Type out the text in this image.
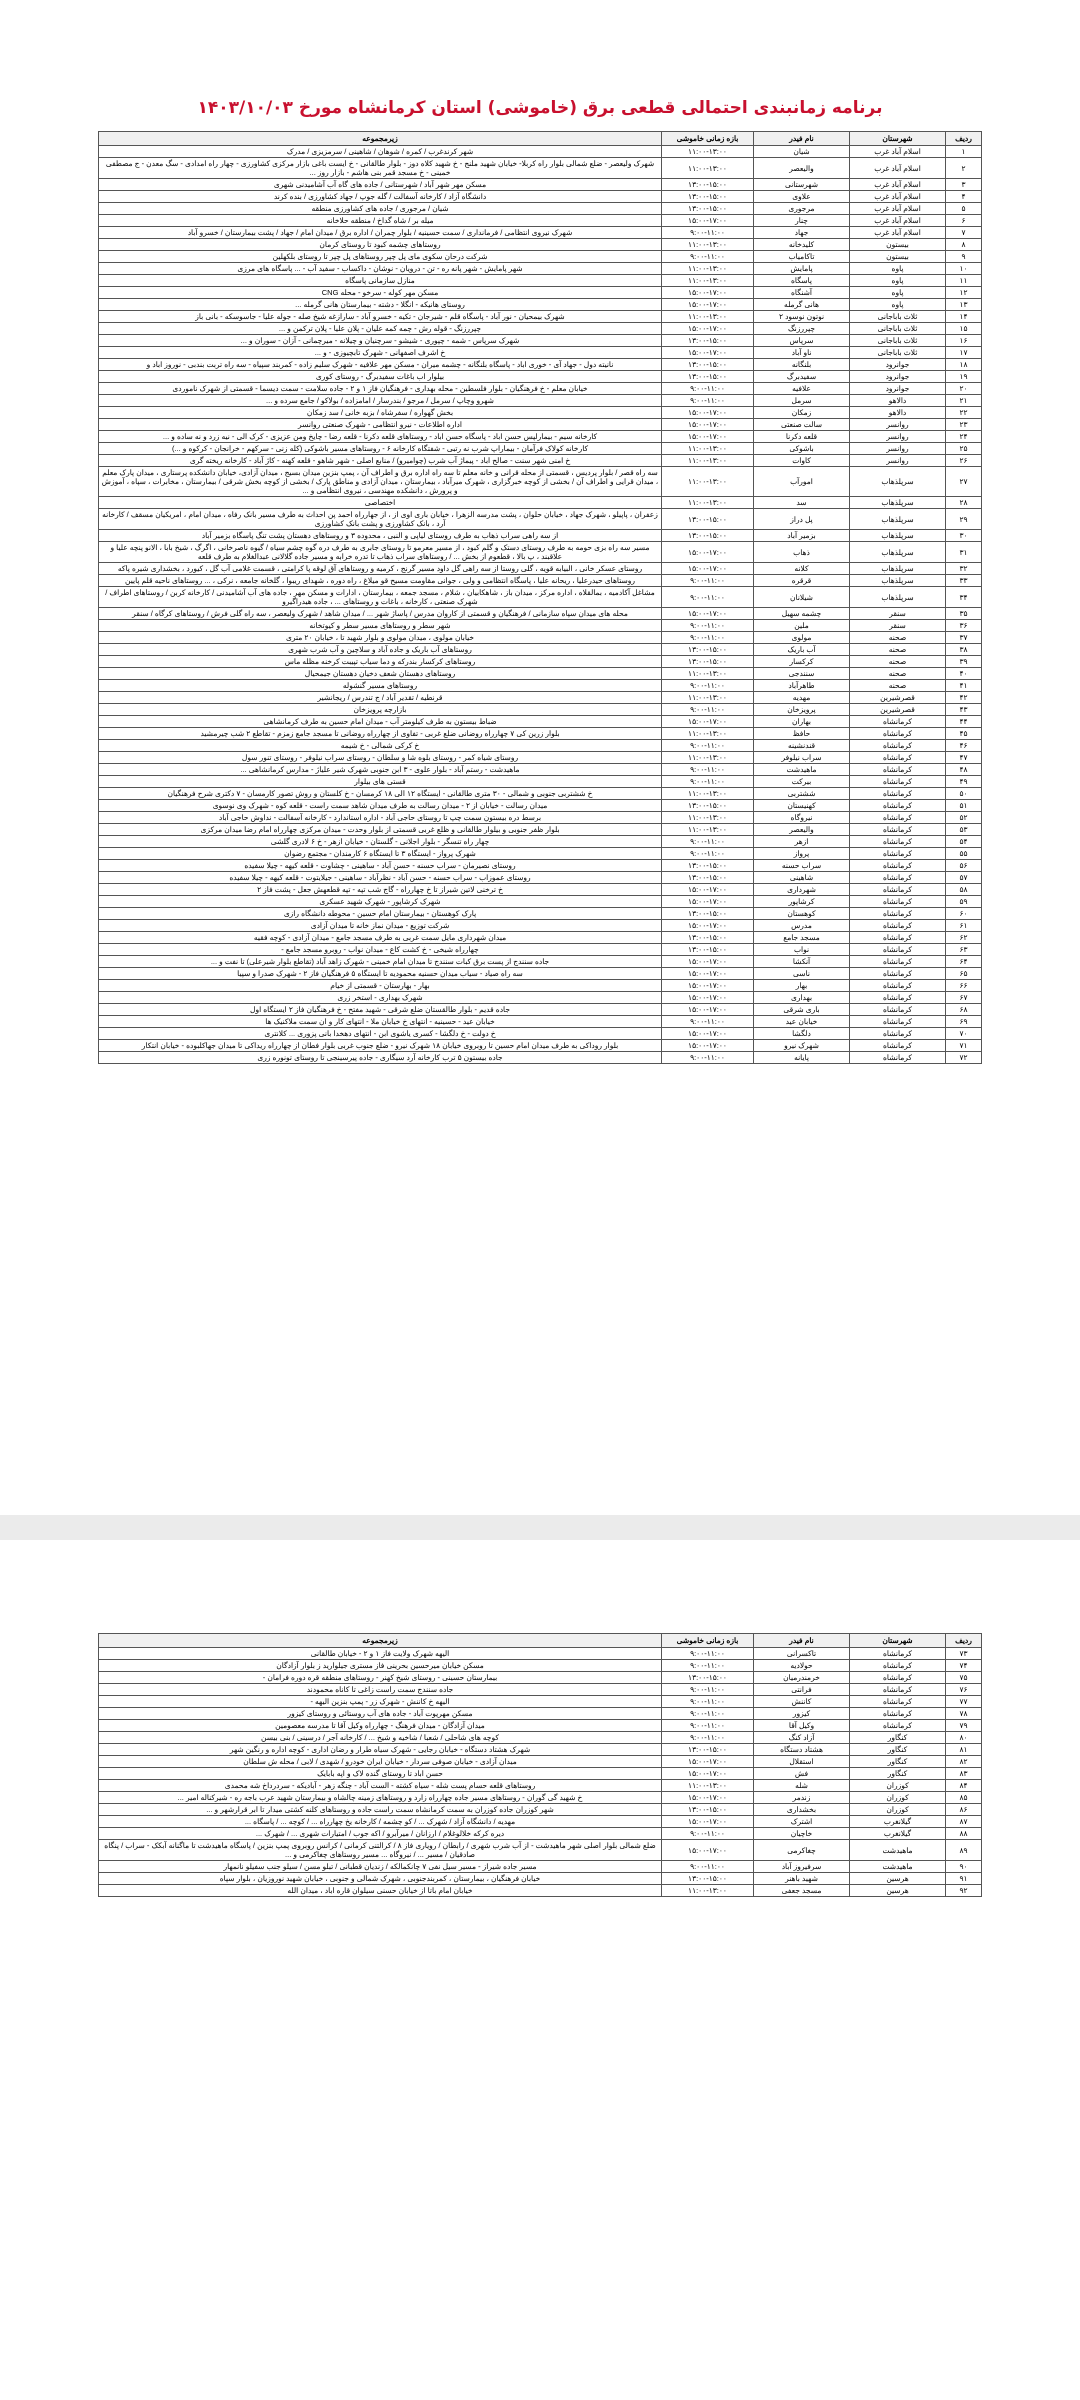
برنامه زمانبندی احتمالی قطعی برق (خاموشی) استان کرمانشاه مورخ ۱۴۰۳/۱۰/۰۳
ردیف	شهرستان	نام فیدر	بازه زمانی خاموشی	زیرمجموعه
۱	اسلام آباد غرب	شیان	۱۱:۰۰-۱۳:۰۰	شهر کرندغرب / کمره / شوهان / شاهینی / سرمزیزی / مدرک
۲	اسلام آباد غرب	والیعصر	۱۱:۰۰-۱۳:۰۰	شهرک ولیعصر - ضلع شمالی بلوار راه کربلا- خیابان شهید ملنج - خ شهید کلاه دوز - بلوار طالقانی - خ ایست باغی بازار مرکزی کشاورزی - چهار راه امدادی - سگ معدن - ج مصطفی خمینی - خ مسجد قمر بنی هاشم - بازار روز ...
۳	اسلام آباد غرب	شهرستانی	۱۳:۰۰-۱۵:۰۰	مسکن مهر شهر آباد / شهرستانی / جاده های گاه آب آشامیدنی شهری
۴	اسلام آباد غرب	علاوی	۱۳:۰۰-۱۵:۰۰	دانشگاه آزاد / کارخانه آسفالت / گله جوپ / جهاد کشاورزی / بنده کرند
۵	اسلام آباد غرب	مرجوری	۱۳:۰۰-۱۵:۰۰	شیان / مرجوری / جاده های کشاورزی منطقه
۶	اسلام آباد غرب	چنار	۱۵:۰۰-۱۷:۰۰	میله بر / شاه گداخ / منطقه حلاخانه
۷	اسلام آباد غرب	جهاد	۹:۰۰-۱۱:۰۰	شهرک نیروی انتظامی / فرمانداری / سمت حسینیه / بلوار چمران / اداره برق / میدان امام / جهاد / پشت بیمارستان / خسرو آباد
۸	بیستون	کلیدخانه	۱۱:۰۰-۱۳:۰۰	روستاهای چشمه کبود تا روستای کرمان
۹	بیستون	تاکامیاب	۹:۰۰-۱۱:۰۰	شرکت درحان سکوی مای پل چپر روستاهای پل چپر تا روستای بلکهلین
۱۰	پاوه	پامایش	۱۱:۰۰-۱۳:۰۰	شهر پامایش - شهر پانه ره - تن - درویان - نوشان - داکساب - سفید آب - ... پاسگاه های مرزی
۱۱	پاوه	پاسگاه	۱۱:۰۰-۱۳:۰۰	منازل سازمانی پاسگاه
۱۲	پاوه	آشنگاه	۱۵:۰۰-۱۷:۰۰	مسکن مهر کوله - سرخو - محله CNG
۱۳	پاوه	هانی گرمله	۱۵:۰۰-۱۷:۰۰	روستای هانیکه - انگلا - دشته - بیمارستان هانی گرمله ...
۱۴	ثلاث باباجانی	نوتون نوسود ۲	۱۱:۰۰-۱۳:۰۰	شهرک بیمحیان - نور آباد - پاسگاه قلم - شیرجان - تکیه - خسرو آباد - سارازغه شیخ صله - جوله علیا - جاسوسکه - بانی باز
۱۵	ثلاث باباجانی	چپررزنگ	۱۵:۰۰-۱۷:۰۰	چپررزنگ - قوله رش - چمه کمه علیان - پلان علیا - پلان ترکمن و ...
۱۶	ثلاث باباجانی	سرپاس	۱۳:۰۰-۱۵:۰۰	شهرک سرپاس - شمه - چپوری - شیشو - سرچنیان و چیلانه - میرچمانی - آزان - سوران و ...
۱۷	ثلاث باباجانی	ناو آباد	۱۵:۰۰-۱۷:۰۰	خ اشرف اصفهانی - شهرک تابچیوزی - و ...
۱۸	جوانرود	بلنگانه	۱۳:۰۰-۱۵:۰۰	نانیته دول - جهاد آی - خوری اباد - پاسگاه بلنگانه - چشمه میران - مسکن مهر علافیه - شهرک سلیم زاده - کمربند سپیاه - سه راه تربت بندبی - نوروز اباد و
۱۹	جوانرود	سفیدبرگ	۱۳:۰۰-۱۵:۰۰	بیلوار اب باغات سفیدبرگ - روستای کوری
۲۰	جوانرود	علافیه	۹:۰۰-۱۱:۰۰	خیابان معلم - خ فرهنگیان - بلوار فلسطین - محله بهداری - فرهنگیان فاز ۱ و ۲ - جاده سلامت - سمت دیسما - قسمتی از شهرک ناموردی
۲۱	دالاهو	سرمل	۹:۰۰-۱۱:۰۰	شهرو وچاپ / سرمل / مرجو / بندرسار / امامزاده / بولاکو / جامع سرده و ...
۲۲	دالاهو	زمکان	۱۵:۰۰-۱۷:۰۰	بخش گهواره / سفرشاه / بزبه خانی / سد زمکان
۲۳	روانسر	سالت صنعتی	۱۵:۰۰-۱۷:۰۰	اداره اطلاعات - نیرو انتظامی - شهرک صنعتی روانسر
۲۴	روانسر	قلعه دکرنا	۱۵:۰۰-۱۷:۰۰	کارخانه سیم - بیمارلپس حسن اباد - پاسگاه حسن اباد - روستاهای قلعه دکرنا - قلعه رضا - چایخ ومن عزیزی - کرک الی - نیه زرد و نه ساده و ...
۲۵	روانسر	باشوکی	۱۱:۰۰-۱۳:۰۰	کارخانه کولاک فرآمان - بیماراپ شرب نه رتبی - شفتگاه کارخانه ۶ - روستاهای مسیر باشوکی (کله زنی - سرکهم - خرانجان - کرکوه و ...)
۲۶	روانسر	کاوات	۱۱:۰۰-۱۳:۰۰	خ امنی شهر سنت - صالح اباد - پیماژ آب شرب (چوامیرو) / منابع اصلی - شهر شاهو - قلعه کهنه - کاژ آباد - کارخانه ریخته گری
۲۷	سرپلذهاب	امورآب	۱۱:۰۰-۱۳:۰۰	سه راه قصر / بلوار پردیس ، قسمتی از محله قرانی و خانه معلم تا سه راه اداره برق و اطراف آن ، پمپ بنزین میدان بسیج ، میدان آزادی، خیابان دانشکده پرستاری ، میدان پارک معلم ، میدان قرایی و اطراف آن / بخشی از کوچه خبرگزاری ، شهرک میرآباد ، بیمارستان ، میدان آزادی و مناطق پارک / بخشی از کوچه بخش شرقی / بیمارستان ، مخابرات ، سپاه ، آموزش و پرورش ، دانشکده مهندسی ، نیروی انتظامی و ...
۲۸	سرپلذهاب	سد	۱۱:۰۰-۱۳:۰۰	اختصاصی
۲۹	سرپلذهاب	پل دراز	۱۳:۰۰-۱۵:۰۰	زعفران ، پاپیلو ، شهرک جهاد ، خیابان حلوان ، پشت مدرسه الزهرا ، خیابان باری اوی از ، از جهارراه احمد پن احداث به طرف مسیر بانک رفاه ، میدان امام ، امریکیان مسقف / کارخانه آرد ، بانک کشاورزی و پشت بانک کشاورزی
۳۰	سرپلذهاب	بزمیر آباد	۱۳:۰۰-۱۵:۰۰	از سه راهی سراب ذهاب به طرف روستای لیاپی و النبی ، محدوده ۳ و روستاهای دهستان پشت تنگ پاسگاه بزمیر آباد
۳۱	سرپلذهاب	ذهاب	۱۵:۰۰-۱۷:۰۰	مسیر سه راه بزی حومه به طرف روستای دستک و گلم کبود ، از مسیر معرمو تا روستای جابری به طرف دره گوه چشم سیاه / گیوه ناصرخانی ، اگرگ ، شیخ بابا ، الانو پنچه علیا و علاقبند ، پ بالا ، قطعوم از بخش ... / روستاهای سراب ذهاب تا تدره خرابه و مسیر جاده گلالانی عبدالغلام به طرف قلعه
۳۲	سرپلذهاب	کلانه	۱۵:۰۰-۱۷:۰۰	روستای عسکر خانی ، البیابه قویه ، گلی روستا از سه راهی گل داود مسیر گرنج ، کرمیه و روستاهای آق لوقه پا کرامتی ، قسمت غلامی آب گل ، کیورد ، بخشداری شیره پاکه
۳۳	سرپلذهاب	قرقره	۹:۰۰-۱۱:۰۰	روستاهای حیدرعلیا ، ریحانه علیا ، پاسگاه انتظامی و ولی ، جوانی مقاومت مسیح قو میلاغ ، راه دوره ، شهدای ریبوا ، گلخانه جامعه ، نرکی ، ... روستاهای ناحیه قلم پایین
۳۴	سرپلذهاب	شیلانان	۹:۰۰-۱۱:۰۰	مشاغل آکادمیه ، بمالقلاه ، اداره مرکز ، میدان باز ، شاهکابیان ، شلام ، مسجد جمعه ، بیمارستان ، ادارات و مسکن مهر ، جاده های آب آشامیدنی / کارخانه کربن / روستاهای اطراف / شهرک صنعتی ، کارخانه ، باغات و روستاهای ... ، جاده هیدراگیرو
۳۵	سنقر	چشمه سهیل	۱۵:۰۰-۱۷:۰۰	محله های میدان سپاه سازمانی / فرهنگیان و قسمتی از کاروان مدرس / پاساژ شهر ... / میدان شاهد / شهرک ولیعصر ، سه راه گلی فرش / روستاهای کرگاه / سنقر
۳۶	سنقر	ملین	۹:۰۰-۱۱:۰۰	شهر سطر و روستاهای مسیر سطر و کیوتخانه
۳۷	صحنه	مولوی	۹:۰۰-۱۱:۰۰	خیابان مولوی ، میدان مولوی و بلوار شهید تا ، خیابان ۲۰ متری
۳۸	صحنه	آب باریک	۱۳:۰۰-۱۵:۰۰	روستاهای آب باریک و جاده آباد و سلاچین و آب شرب شهری
۳۹	صحنه	کرکسار	۱۳:۰۰-۱۵:۰۰	روستاهای کرکسار بندرکه و دما سیاب تپیبت کرخنه مظله ماس
۴۰	صحنه	سنندجی	۱۱:۰۰-۱۳:۰۰	روستاهای دهستان شعف دخیان دهستان جیمحیال
۴۱	صحنه	طاهرآباد	۹:۰۰-۱۱:۰۰	روستاهای مسیر گنشوله
۴۲	قصرشیرین	مهدیه	۱۱:۰۰-۱۳:۰۰	قرنطیه / تقدیر آباد / ج تندرس / ریجانشیر
۴۳	قصرشیرین	پرویزخان	۹:۰۰-۱۱:۰۰	بازارچه پرویزخان
۴۴	کرمانشاه	بهاران	۱۵:۰۰-۱۷:۰۰	ضباط بیستون به طرف کیلومتر آب - میدان امام حسین به طرف کرمانشاهی
۴۵	کرمانشاه	حافظ	۱۱:۰۰-۱۳:۰۰	بلوار زرین کی ۷ چهارراه روضانی ضلع غربی - تفاوی از چهارراه روضانی تا مسجد جامع زمزم - تقاطع ۲ شب چیرمشید
۴۶	کرمانشاه	قندنشینه	۹:۰۰-۱۱:۰۰	خ کرکی شمالی - خ شیمه
۴۷	کرمانشاه	سراب نیلوفر	۱۱:۰۰-۱۳:۰۰	روستای شیاه کمر - روستای بلوه شا و سلطان - روستای سراب نیلوفر - روستای تنور سول
۴۸	کرمانشاه	ماهیدشت	۹:۰۰-۱۱:۰۰	ماهیدشت - رستم آباد - بلوار علوی - ۳ ابن جنوبی شهرک شیر علیاژ - مدارس کرمانشاهی ...
۴۹	کرمانشاه	بیرکت	۹:۰۰-۱۱:۰۰	قستی های بیلوار
۵۰	کرمانشاه	ششتربی	۱۱:۰۰-۱۳:۰۰	خ ششتربی جنوبی و شمالی - ۳۰ متری طالقانی - ایستگاه ۱۲ الی ۱۸ کرمسان - خ کلستان و روش تصور کارمسان - ۷ دکتری شرح فرهنگیان
۵۱	کرمانشاه	کهنیستان	۱۳:۰۰-۱۵:۰۰	میدان رسالت - خیابان از ۲ - میدان رسالت به طرف میدان شاهد سمت راست - قلعه کوه - شهرک وی نوسوی
۵۲	کرمانشاه	نیروگاه	۱۱:۰۰-۱۳:۰۰	برسط دره بیستون سمت چپ تا روستای حاجی آباد - اداره استاندارد - کارخانه آسفالت - نداوش حاجی آباد
۵۳	کرمانشاه	والیعصر	۱۱:۰۰-۱۳:۰۰	بلوار ظفر جنوبی و بیلوار طالقانی و ظلع غربی قسمتی از بلوار وحدت - میدان مرکزی چهارراه امام رضا میدان مرکزی
۵۴	کرمانشاه	ازهر	۹:۰۰-۱۱:۰۰	چهار راه تنسگر - بلوار اجلانی - گلستان - خیابان ازهر - خ ۶ لادری گلشی
۵۵	کرمانشاه	پرواز	۹:۰۰-۱۱:۰۰	شهرک پرواز - ایستگاه ۳ تا ایستگاه ۶ کارمندان - مجتمع رضوان
۵۶	کرمانشاه	سراب حسنه	۱۳:۰۰-۱۵:۰۰	روستای نصیرمان - سراب حسنه - حسن آباد - ساهینی - چشاوت - قلعه کیهه - چیلا سفیده
۵۷	کرمانشاه	شاهینی	۱۳:۰۰-۱۵:۰۰	روستای عموزاب - سراب حسنه - حسن آباد - نظرآباد - ساهینی - جیلایتوت - قلعه کیهه - چیلا سفیده
۵۸	کرمانشاه	شهرداری	۱۵:۰۰-۱۷:۰۰	خ ترخنی لاتین شیراز تا خ چهارراه - گاج شب تپه - تپه قطعهش جعل - پشت فاز ۲
۵۹	کرمانشاه	کرشاپور	۱۵:۰۰-۱۷:۰۰	شهرک کرشاپور - شهرک شهید عسکری
۶۰	کرمانشاه	کوهستان	۱۳:۰۰-۱۵:۰۰	پارک کوهستان - بیمارستان امام حسین - محوطه دانشگاه رازی
۶۱	کرمانشاه	مدرس	۱۵:۰۰-۱۷:۰۰	شرکت توزیع - میدان نماز خانه تا میدان آزادی
۶۲	کرمانشاه	مسجد جامع	۱۳:۰۰-۱۵:۰۰	میدان شهرداری مایل سمت غربی به طرف مسجد جامع - میدان آزادی - کوچه فقیه
۶۳	کرمانشاه	نواب	۱۳:۰۰-۱۵:۰۰	چهارراه شیخی - خ کشت کاع - میدان نواب - روبرو مسجد جامع -
۶۴	کرمانشاه	آنکشا	۱۵:۰۰-۱۷:۰۰	جاده سنندج از پست برق کبات سنندج تا میدان امام خمینی - شهرک زاهد آباد (تقاطع بلوار شیرعلی) تا نفت و ...
۶۵	کرمانشاه	ناسی	۱۵:۰۰-۱۷:۰۰	سه راه صیاد - سیاب میدان حسنیه محمودیه تا ایستگاه ۵ فرهنگیان فاز ۲ - شهرک صدرا و سپیا
۶۶	کرمانشاه	بهار	۱۵:۰۰-۱۷:۰۰	بهار - بهارستان - قسمتی از خیام
۶۷	کرمانشاه	بهداری	۱۵:۰۰-۱۷:۰۰	شهرک بهداری - استخر زری
۶۸	کرمانشاه	باری شرقی	۱۵:۰۰-۱۷:۰۰	جاده قدیم - بلوار طالقستان ضلع شرقی - شهید مفتح - خ فرهنگیان فاز ۲ ایستگاه اول
۶۹	کرمانشاه	خیابان عید	۹:۰۰-۱۱:۰۰	خیابان عید - حسینیه - انتهای خ خیابان ملا - انتهای کار و ان سمت ملاکنیک ها
۷۰	کرمانشاه	دلگشا	۱۵:۰۰-۱۷:۰۰	خ دولت - خ دلگشا - کسری یاشوی ابن - انتهای دهخدا بانی پزوری ... کلانتری
۷۱	کرمانشاه	شهرک نیرو	۱۵:۰۰-۱۷:۰۰	بلوار روداکی به طرف میدان امام حسین تا روبروی خیابان ۱۸ شهرک نیرو - ضلع جنوب غربی بلوار فطان از چهارراه ریداکی تا میدان جهاکلبوده - خیابان انتکار
۷۲	کرمانشاه	پایانه	۹:۰۰-۱۱:۰۰	جاده بیستون ۵ ترب کارخانه آرد سیگاری - جاده پیرسینجی تا روستای تونوره زری
ردیف	شهرستان	نام فیدر	بازه زمانی خاموشی	زیرمجموعه
۷۳	کرمانشاه	تاکسرانی	۹:۰۰-۱۱:۰۰	الیهه شهرک ولایت فاز ۱ و ۲ - خیابان طالقانی
۷۴	کرمانشاه	حولادیه	۹:۰۰-۱۱:۰۰	مسکن خیابان میرحسین بحرینی فاز مستری جیلوارید ز بلوار آزادگان
۷۵	کرمانشاه	خرمندرمیان	۱۳:۰۰-۱۵:۰۰	بیمارستان حسینی - روستای شیخ کهنر - روستاهای منطقه قره دوره فرامان -
۷۶	کرمانشاه	فرانتی	۹:۰۰-۱۱:۰۰	جاده سنندج سمت راست زاغی تا کاناه محمودند
۷۷	کرمانشاه	کاننش	۹:۰۰-۱۱:۰۰	الیهه خ کاننش - شهرک زر - پمپ بنزین الیهه -
۷۸	کرمانشاه	کیزور	۹:۰۰-۱۱:۰۰	مسکن مهرپوت آباد - جاده های آب روستائی و روستای کیزور
۷۹	کرمانشاه	وکیل آقا	۹:۰۰-۱۱:۰۰	میدان آزادگان - میدان فرهنگ - چهارراه وکیل آقا تا مدرسه معصومین
۸۰	کنگاور	آزاد کنگ	۹:۰۰-۱۱:۰۰	کوچه های شاحلی / شعبا / شاخیه و شیخ ... / کارخانه آجر / درسینی / بنی بیسن
۸۱	کنگاور	هشتاد دستگاه	۱۳:۰۰-۱۵:۰۰	شهرک هشتاد دستگاه - خیابان رجایی - شهرک سیاه طرار و رضان اداری - کوچه اداره و رنگین شهر
۸۲	کنگاور	استقلال	۱۵:۰۰-۱۷:۰۰	میدان آزادی - خیابان صوفی سردار - خیابان ایران خودرو / شهدی / لابی / محله ش سلطان
۸۳	کنگاور	فش	۱۵:۰۰-۱۷:۰۰	حسن اباد تا روستای گنده لاک و اپه بابایک
۸۴	کوزران	شله	۱۱:۰۰-۱۳:۰۰	روستاهای قلعه حسام پست شله - سیاه کشته - الست آباد - چنگه زهر - آبادیکه - سردرداخ شه محمدی
۸۵	کوزران	زندمر	۱۵:۰۰-۱۷:۰۰	خ شهید گی گوران - روستاهای مسیر جاده چهارراه زارد و روستاهای زمینه چالشاه و بیمارستان شهید عرب باجه ره - شیرکناله امیر ...
۸۶	کوزران	بخشداری	۱۳:۰۰-۱۵:۰۰	شهر کوزران جاده کوزران به سمت کرمانشاه سمت راست جاده و روستاهای کلنه کشتی میدار تا ابر قرارشهر و ...
۸۷	گیلانغرب	اشترک	۱۵:۰۰-۱۷:۰۰	مهدیه / دانشگاه آزاد / شهرک ... / کو چشمه / کارخانه یخ چهارراه ... / کوچه ... / پاسگاه ...
۸۸	گیلانغرب	خاچیان	۹:۰۰-۱۱:۰۰	دیره کرکه خلالوغلام / ارزانان / میرآبرو / اکه جوب / امتیارات شهری ... / شهرک ...
۸۹	ماهیدشت	چغاکرمی	۱۵:۰۰-۱۷:۰۰	ضلع شمالی بلوار اصلی شهر ماهیدشت - از آب شرب شهری / رابطان / رویاری فاز ۸ / کرالتنی کرمانی / کرانس روبروی پمپ بنزین / پاسگاه ماهیدشت تا ماگنانه آبکک - سراب / پنگاه صادقیان / مسیر ... / نیروگاه ... مسیر روستاهای چغاکرمی و ...
۹۰	ماهیدشت	سرفیروز آباد	۹:۰۰-۱۱:۰۰	مسیر جاده شیراز - مسیر سیل نفی ۷ چانکمالکه / زندیان قطبانی / تبلو مسن / سیلو جنب سفیلو نانمهار
۹۱	هرسین	شهید باهنر	۱۳:۰۰-۱۵:۰۰	خیابان فرهنگیان ، بیمارستان ، کمربندجنوبی ، شهرک شمالی و جنوبی ، خیابان شهید نوروزیان ، بلوار سپاه
۹۲	هرسین	مسجد جعفی	۱۱:۰۰-۱۳:۰۰	خیابان امام باتا از خیابان حسنی سیلوان قاره اباد ، میدان الله
